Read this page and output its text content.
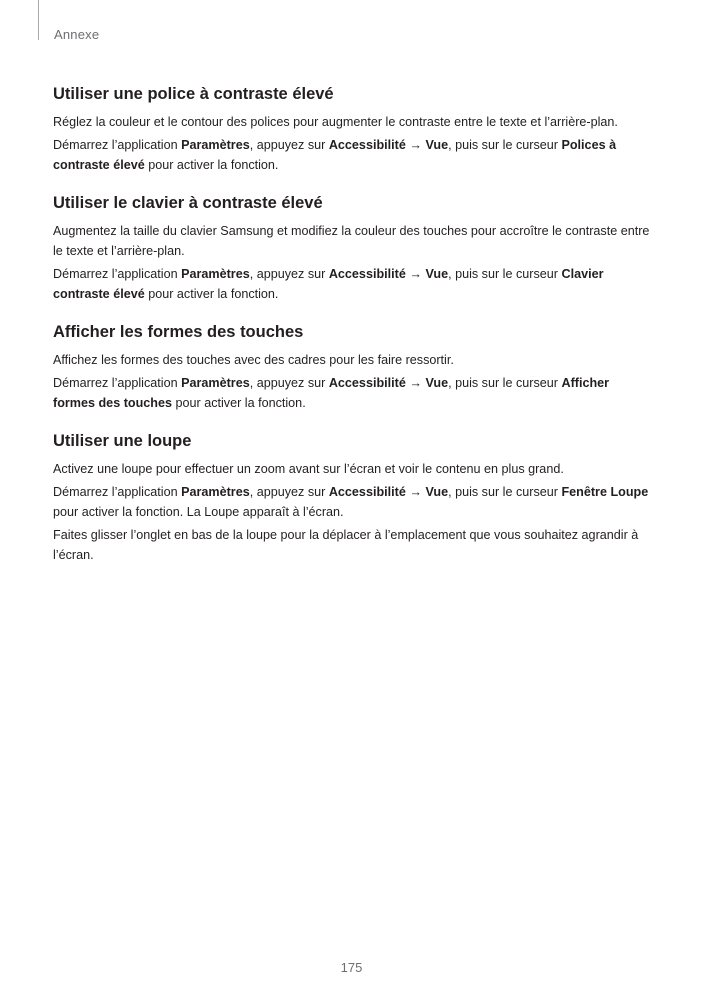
Annexe
Utiliser une police à contraste élevé

Réglez la couleur et le contour des polices pour augmenter le contraste entre le texte et l’arrière-plan.

Démarrez l’application Paramètres, appuyez sur Accessibilité → Vue, puis sur le curseur Polices à contraste élevé pour activer la fonction.

Utiliser le clavier à contraste élevé

Augmentez la taille du clavier Samsung et modifiez la couleur des touches pour accroître le contraste entre le texte et l’arrière-plan.

Démarrez l’application Paramètres, appuyez sur Accessibilité → Vue, puis sur le curseur Clavier contraste élevé pour activer la fonction.

Afficher les formes des touches

Affichez les formes des touches avec des cadres pour les faire ressortir.

Démarrez l’application Paramètres, appuyez sur Accessibilité → Vue, puis sur le curseur Afficher formes des touches pour activer la fonction.

Utiliser une loupe

Activez une loupe pour effectuer un zoom avant sur l’écran et voir le contenu en plus grand.

Démarrez l’application Paramètres, appuyez sur Accessibilité → Vue, puis sur le curseur Fenêtre Loupe pour activer la fonction. La Loupe apparaît à l’écran.

Faites glisser l’onglet en bas de la loupe pour la déplacer à l’emplacement que vous souhaitez agrandir à l’écran.

175
